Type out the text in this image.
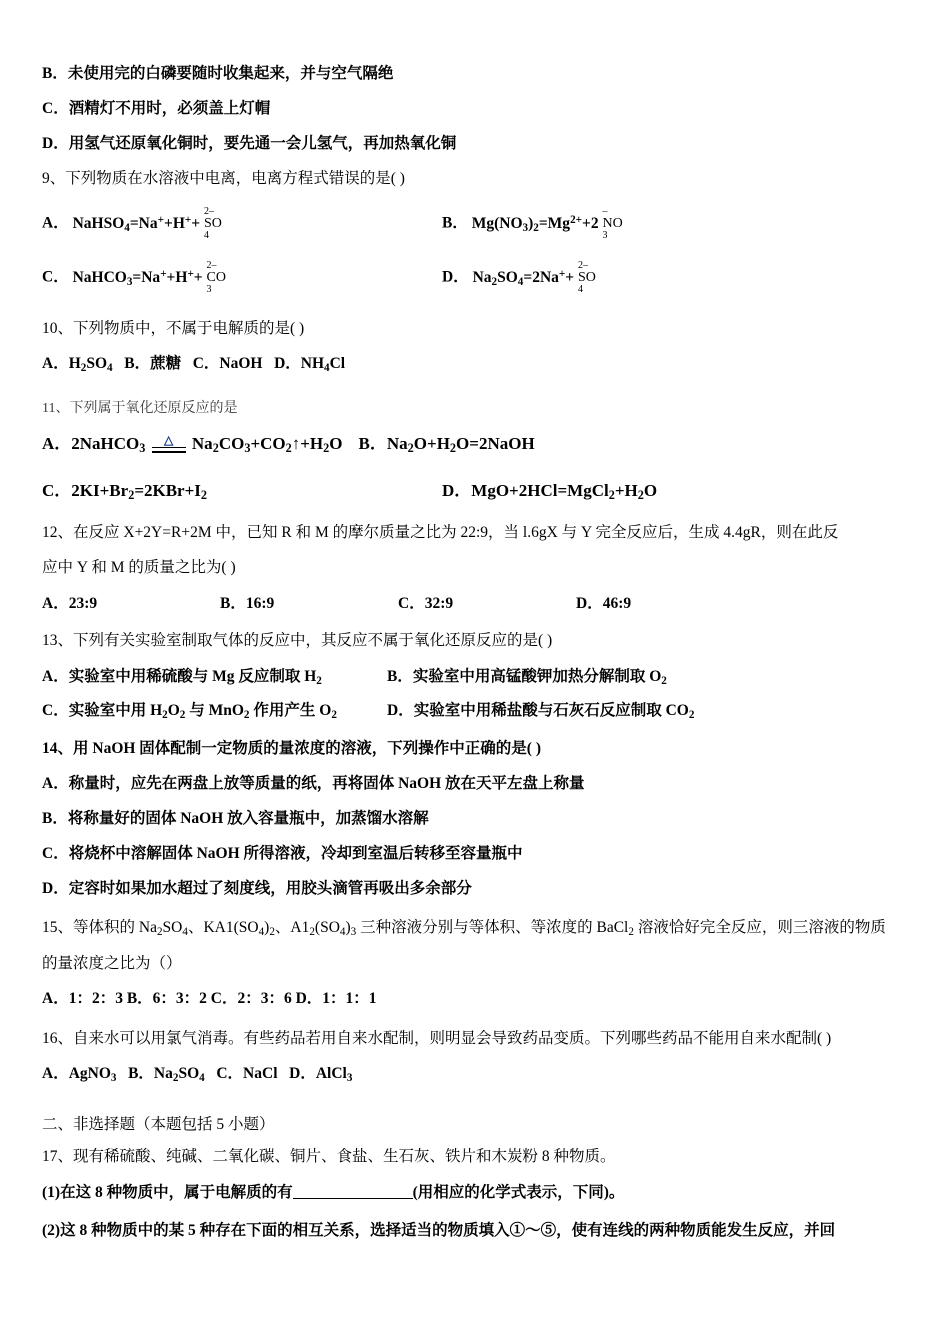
B．未使用完的白磷要随时收集起来，并与空气隔绝
C．酒精灯不用时，必须盖上灯帽
D．用氢气还原氧化铜时，要先通一会儿氢气，再加热氧化铜
9、下列物质在水溶液中电离，电离方程式错误的是( )
A． NaHSO$_4$=Na++H++
2–
SO
4
B． $Mg(NO_3)_2=Mg^{2+}+2$
–
NO
3
C． NaHCO$_3$=Na++H++
2–
CO
3
D． $Na_2SO_4=2Na^++$
2–
SO
4
10、下列物质中，不属于电解质的是( )
A．$H_2SO_4$   B．蔗糖   C．NaOH   D．$NH_4Cl$
11、下列属于氧化还原反应的是
A．2NaHCO$_3$
△ $Na_2CO_3+CO_2↑+H_2O$ B．$Na_2O+H_2O=2NaOH$
C．$2KI+Br_2=2KBr+I_2$	D．$MgO+2HCl=MgCl_2+H_2O$
12、在反应 X+2Y=R+2M 中，已知 R 和 M 的摩尔质量之比为 22:9，当 l.6gX 与 Y 完全反应后，生成 4.4gR，则在此反
应中 Y 和 M 的质量之比为( )
A．23:9	B．16:9	C．32:9	D．46:9
13、下列有关实验室制取气体的反应中，其反应不属于氧化还原反应的是( )
A．实验室中用稀硫酸与 Mg 反应制取 $H_2$	B．实验室中用高锰酸钾加热分解制取 $O_2$
C．实验室中用 $H_2O_2$ 与 MnO$_2$ 作用产生 $O_2$	D．实验室中用稀盐酸与石灰石反应制取 $CO_2$
14、用 NaOH 固体配制一定物质的量浓度的溶液，下列操作中正确的是( )
A．称量时，应先在两盘上放等质量的纸，再将固体 NaOH 放在天平左盘上称量
B．将称量好的固体 NaOH 放入容量瓶中，加蒸馏水溶解
C．将烧杯中溶解固体 NaOH 所得溶液，冷却到室温后转移至容量瓶中
D．定容时如果加水超过了刻度线，用胶头滴管再吸出多余部分
15、等体积的 $Na_2SO_4$、$KA1(SO_4)_2$、$A1_2(SO_4)_3$ 三种溶液分别与等体积、等浓度的 BaCl$_2$ 溶液恰好完全反应，则三溶液的物质
的量浓度之比为（）
A．1：2：3 B．6：3：2 C．2：3：6 D．1：1：1
16、自来水可以用氯气消毒。有些药品若用自来水配制，则明显会导致药品变质。下列哪些药品不能用自来水配制( )
A．AgNO$_3$   B．$Na_2SO_4$   C．NaCl   D．AlCl$_3$
二、非选择题（本题包括 5 小题）
17、现有稀硫酸、纯碱、二氧化碳、铜片、食盐、生石灰、铁片和木炭粉 8 种物质。
(1)在这 8 种物质中，属于电解质的有	(用相应的化学式表示，下同)。
(2)这 8 种物质中的某 5 种存在下面的相互关系，选择适当的物质填入①～⑤，使有连线的两种物质能发生反应，并回
